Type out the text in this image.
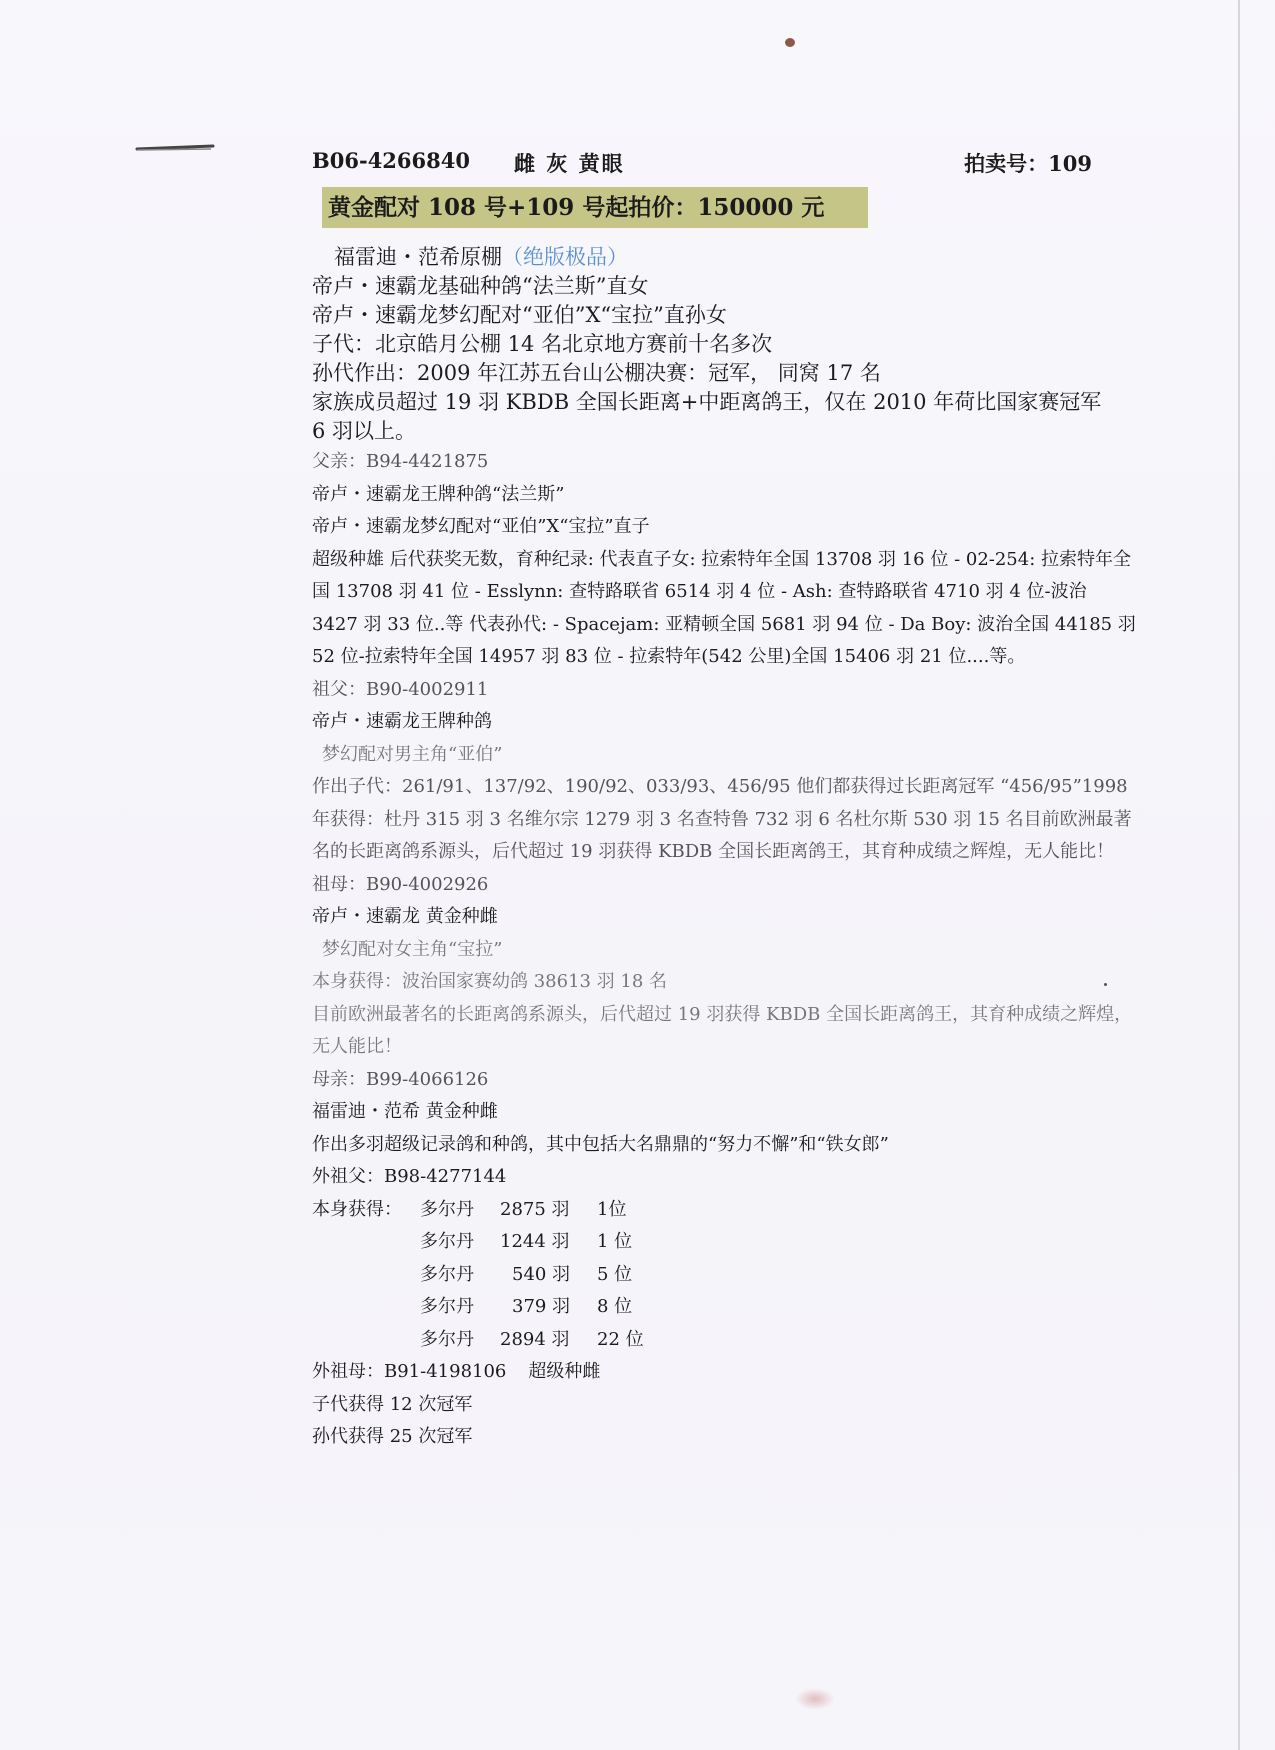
B06-4266840 雌 灰 黄眼	拍卖号：109
黄金配对 108 号+109 号起拍价：150000 元
福雷迪・范希原棚（绝版极品）
帝卢・速霸龙基础种鸽“法兰斯”直女
帝卢・速霸龙梦幻配对“亚伯”X“宝拉”直孙女
子代：北京皓月公棚 14 名北京地方赛前十名多次
孙代作出：2009 年江苏五台山公棚决赛：冠军， 同窝 17 名
家族成员超过 19 羽 KBDB 全国长距离+中距离鸽王，仅在 2010 年荷比国家赛冠军
6 羽以上。
父亲：B94-4421875
帝卢・速霸龙王牌种鸽“法兰斯”
帝卢・速霸龙梦幻配对“亚伯”X“宝拉”直子
超级种雄 后代获奖无数，育种纪录: 代表直子女: 拉索特年全国 13708 羽 16 位 - 02-254: 拉索特年全国 13708 羽 41 位 - Esslynn: 查特路联省 6514 羽 4 位 - Ash: 查特路联省 4710 羽 4 位-波治 3427 羽 33 位..等 代表孙代: - Spacejam: 亚精顿全国 5681 羽 94 位 - Da Boy: 波治全国 44185 羽 52 位-拉索特年全国 14957 羽 83 位 - 拉索特年(542 公里)全国 15406 羽 21 位....等。
祖父：B90-4002911
帝卢・速霸龙王牌种鸽
梦幻配对男主角“亚伯”
作出子代：261/91、137/92、190/92、033/93、456/95 他们都获得过长距离冠军 “456/95”1998 年获得：杜丹 315 羽 3 名维尔宗 1279 羽 3 名查特鲁 732 羽 6 名杜尔斯 530 羽 15 名目前欧洲最著名的长距离鸽系源头，后代超过 19 羽获得 KBDB 全国长距离鸽王，其育种成绩之辉煌，无人能比！
祖母：B90-4002926
帝卢・速霸龙 黄金种雌
梦幻配对女主角“宝拉”
本身获得：波治国家赛幼鸽 38613 羽 18 名
目前欧洲最著名的长距离鸽系源头，后代超过 19 羽获得 KBDB 全国长距离鸽王，其育种成绩之辉煌，无人能比！
母亲：B99-4066126
福雷迪・范希 黄金种雌
作出多羽超级记录鸽和种鸽，其中包括大名鼎鼎的“努力不懈”和“铁女郎”
外祖父：B98-4277144
本身获得： 多尔丹 2875 羽 1位
多尔丹 1244 羽 1 位
多尔丹 540 羽 5 位
多尔丹 379 羽 8 位
多尔丹 2894 羽 22 位
外祖母：B91-4198106 超级种雌
子代获得 12 次冠军
孙代获得 25 次冠军
